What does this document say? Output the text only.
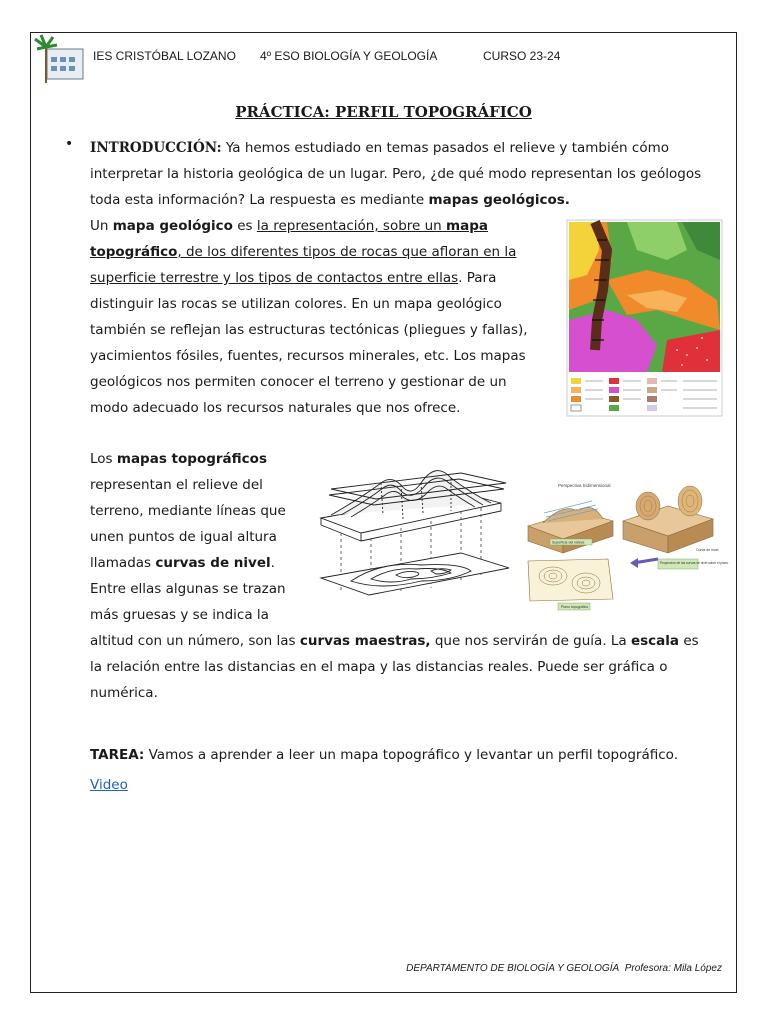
IES CRISTÓBAL LOZANO 4º ESO BIOLOGÍA Y GEOLOGÍA	CURSO 23-24
PRÁCTICA: PERFIL TOPOGRÁFICO
• INTRODUCCIÓN: Ya hemos estudiado en temas pasados el relieve y también cómo
interpretar la historia geológica de un lugar. Pero, ¿de qué modo representan los geólogos
toda esta información? La respuesta es mediante mapas geológicos.

Un mapa geológico es la representación, sobre un mapa
topográfico, de los diferentes tipos de rocas que afloran en la
superficie terrestre y los tipos de contactos entre ellas. Para
distinguir las rocas se utilizan colores. En un mapa geológico
también se reflejan las estructuras tectónicas (pliegues y fallas),
yacimientos fósiles, fuentes, recursos minerales, etc. Los mapas
geológicos nos permiten conocer el terreno y gestionar de un
modo adecuado los recursos naturales que nos ofrece.

Los mapas topográficos
representan el relieve del
terreno, mediante líneas que
unen puntos de igual altura
llamadas curvas de nivel.
Entre ellas algunas se trazan
más gruesas y se indica la

altitud con un número, son las curvas maestras, que nos servirán de guía. La escala es
la relación entre las distancias en el mapa y las distancias reales. Puede ser gráfica o
numérica.

Perspectiva tridimensional
Superficie del relieve
Proyección de las curvas de nivel sobre el plano
Curva de nivel
Plano topográfico

TAREA: Vamos a aprender a leer un mapa topográfico y levantar un perfil topográfico.

Video
DEPARTAMENTO DE BIOLOGÍA Y GEOLOGÍA Profesora: Mila López
